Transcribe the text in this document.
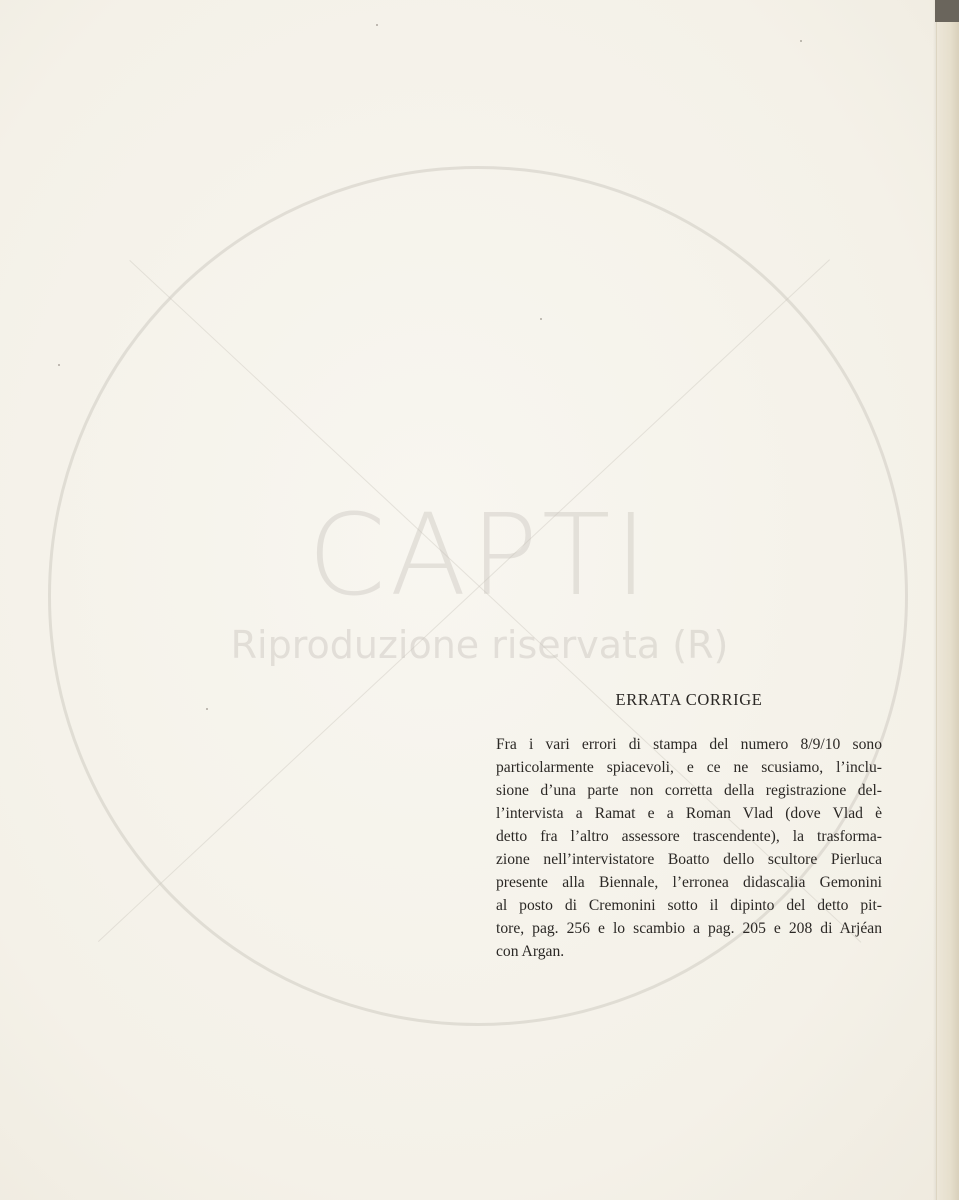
CAPTI
Riproduzione riservata (R)
ERRATA CORRIGE

Fra i vari errori di stampa del numero 8/9/10 sono
particolarmente spiacevoli, e ce ne scusiamo, l’inclu-
sione d’una parte non corretta della registrazione del-
l’intervista a Ramat e a Roman Vlad (dove Vlad è
detto fra l’altro assessore trascendente), la trasforma-
zione nell’intervistatore Boatto dello scultore Pierluca
presente alla Biennale, l’erronea didascalia Gemonini
al posto di Cremonini sotto il dipinto del detto pit-
tore, pag. 256 e lo scambio a pag. 205 e 208 di Arjéan
con Argan.
